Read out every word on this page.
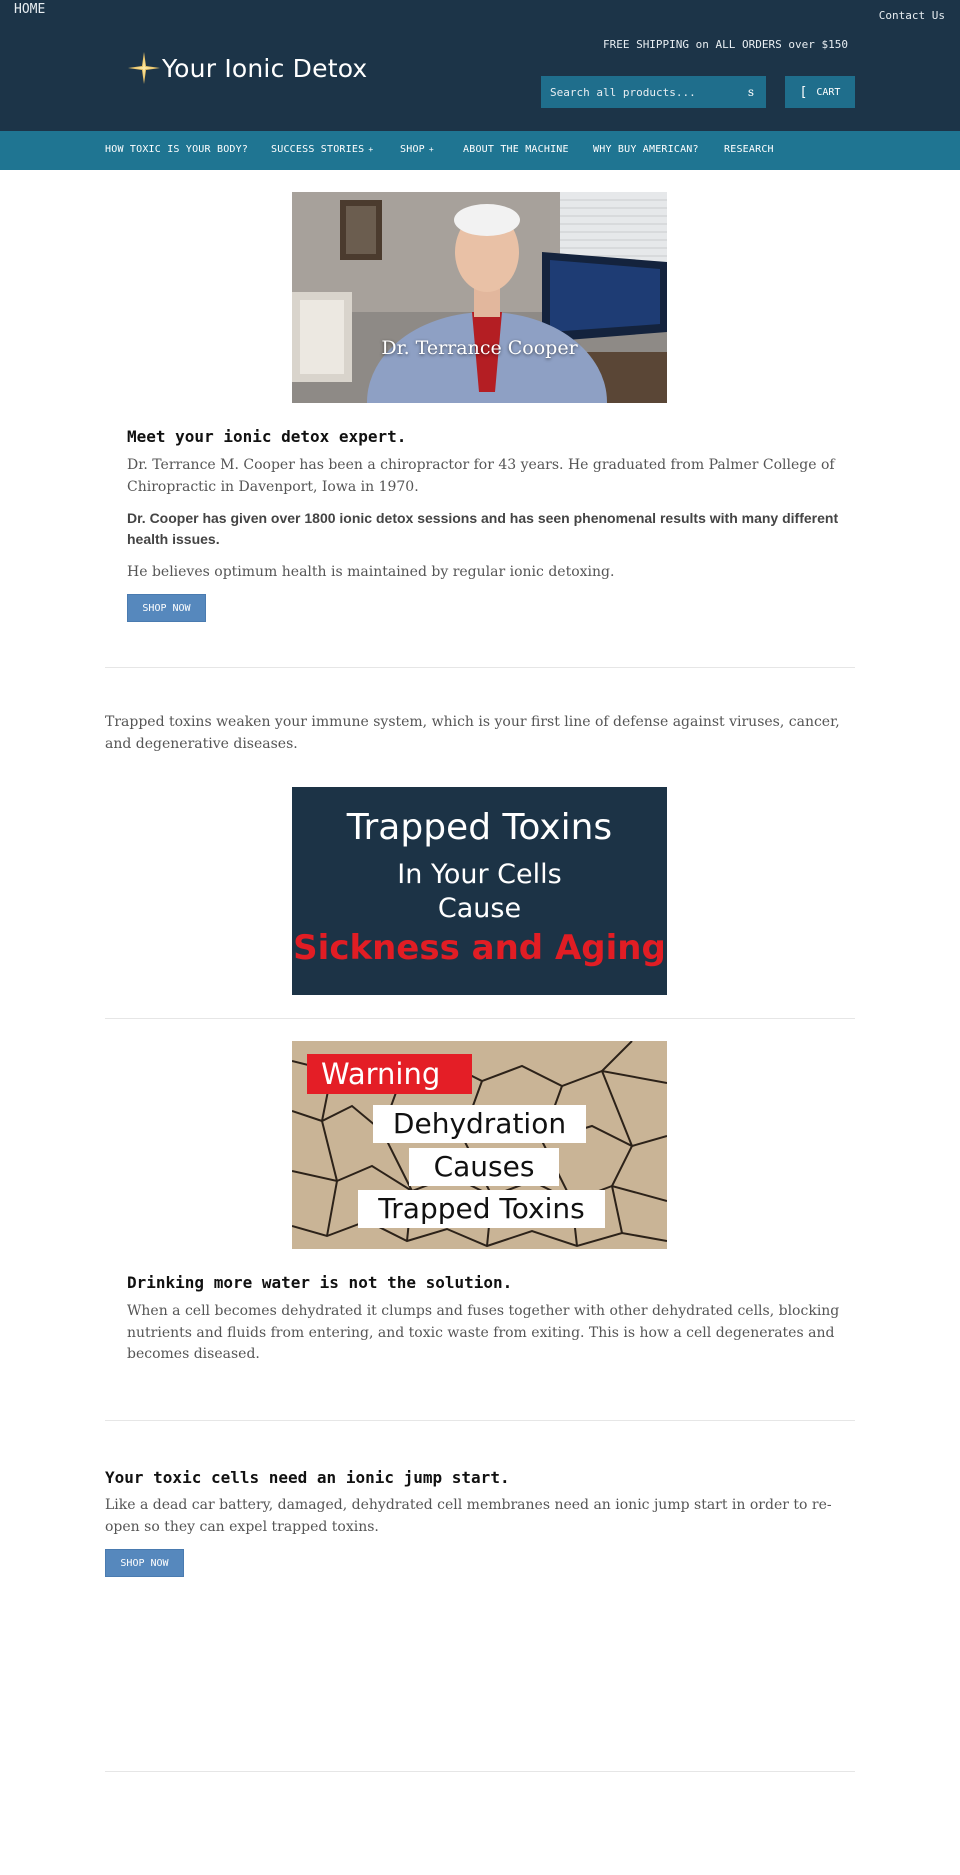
HOME	Contact Us
Your Ionic Detox
FREE SHIPPING on ALL ORDERS over $150
Search all products...
s	[ CART
HOW TOXIC IS YOUR BODY? SUCCESS STORIES +	SHOP +	ABOUT THE MACHINE WHY BUY AMERICAN?	RESEARCH
Dr. Terrance Cooper
Meet your ionic detox expert.
Dr. Terrance M. Cooper has been a chiropractor for 43 years. He graduated from Palmer College of Chiropractic in Davenport, Iowa in 1970.
Dr. Cooper has given over 1800 ionic detox sessions and has seen phenomenal results with many different health issues.
He believes optimum health is maintained by regular ionic detoxing.
SHOP NOW
Trapped toxins weaken your immune system, which is your first line of defense against viruses, cancer, and degenerative diseases.
Trapped Toxins
In Your Cells
Cause
Sickness and Aging
Warning
Dehydration
Causes
Trapped Toxins
Drinking more water is not the solution.
When a cell becomes dehydrated it clumps and fuses together with other dehydrated cells, blocking nutrients and fluids from entering, and toxic waste from exiting. This is how a cell degenerates and becomes diseased.
Your toxic cells need an ionic jump start.
Like a dead car battery, damaged, dehydrated cell membranes need an ionic jump start in order to re-open so they can expel trapped toxins.
SHOP NOW
